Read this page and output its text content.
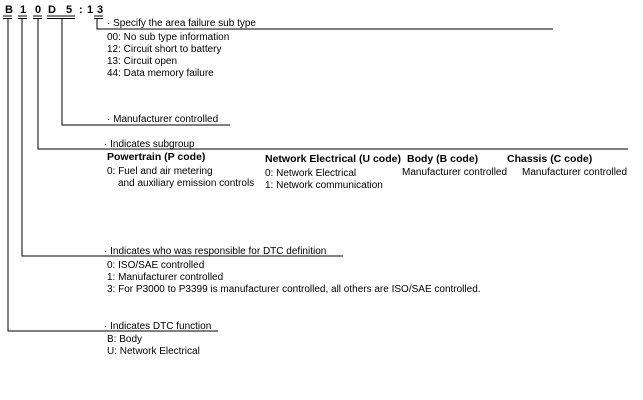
B 1 0 D 5 : 1 3
· Specify the area failure sub type
00: No sub type information
12: Circuit short to battery
13: Circuit open
44: Data memory failure
· Manufacturer controlled
· Indicates subgroup
Powertrain (P code)
0: Fuel and air metering
and auxiliary emission controls
Network Electrical (U code)
0: Network Electrical
1: Network communication
Body (B code)
Manufacturer controlled
Chassis (C code)
Manufacturer controlled
· Indicates who was responsible for DTC definition
0: ISO/SAE controlled
1: Manufacturer controlled
3: For P3000 to P3399 is manufacturer controlled, all others are ISO/SAE controlled.
· Indicates DTC function
B: Body
U: Network Electrical
